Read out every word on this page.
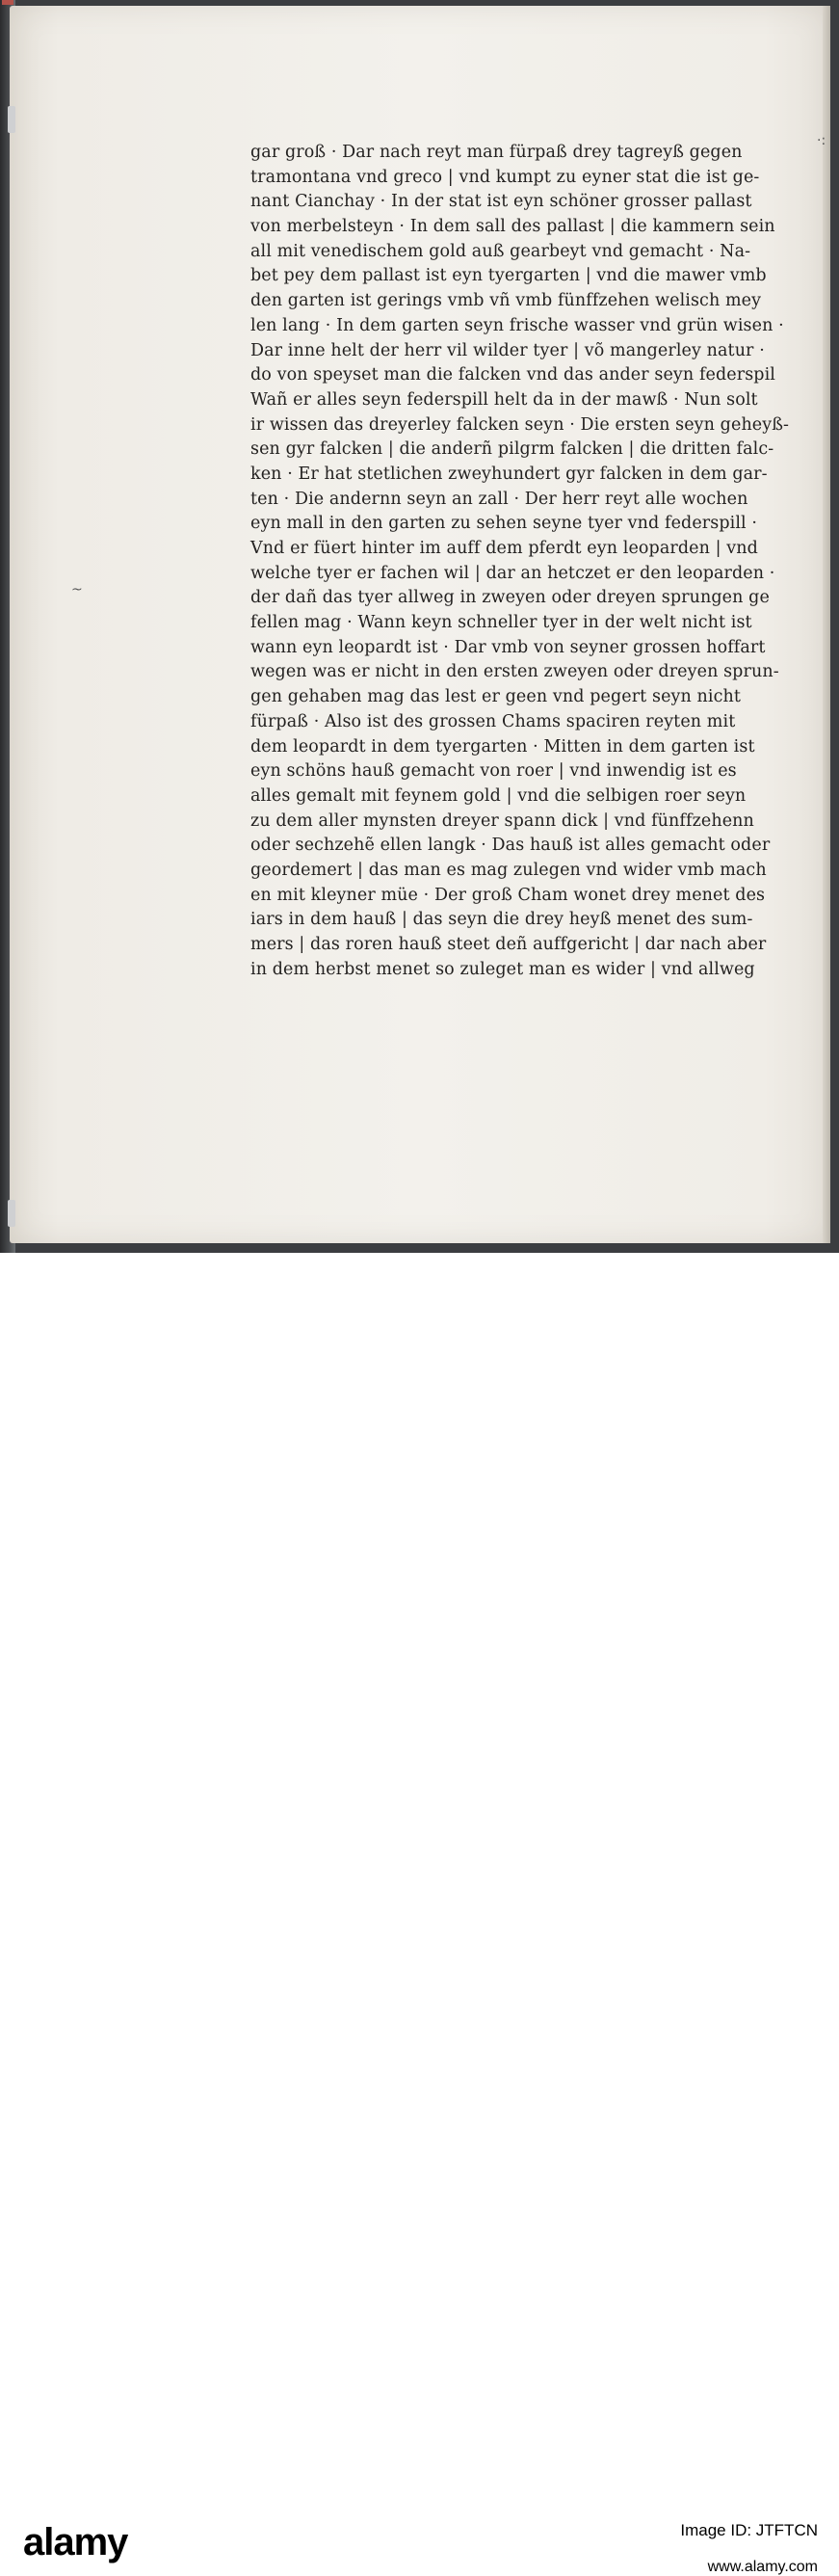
gar groß · Dar nach reyt man fürpaß drey tagreyß gegen
tramontana vnd greco | vnd kumpt zu eyner stat die ist ge-
nant Cianchay · In der stat ist eyn schöner grosser pallast
von merbelsteyn · In dem sall des pallast | die kammern sein
all mit venedischem gold auß gearbeyt vnd gemacht · Na-
bet pey dem pallast ist eyn tyergarten | vnd die mawer vmb
den garten ist gerings vmb vñ vmb fünffzehen welisch mey
len lang · In dem garten seyn frische wasser vnd grün wisen ·
Dar inne helt der herr vil wilder tyer | võ mangerley natur ·
do von speyset man die falcken vnd das ander seyn federspil
Wañ er alles seyn federspill helt da in der mawß · Nun solt
ir wissen das dreyerley falcken seyn · Die ersten seyn geheyß-
sen gyr falcken | die anderñ pilgrm falcken | die dritten falc-
ken · Er hat stetlichen zweyhundert gyr falcken in dem gar-
ten · Die andernn seyn an zall · Der herr reyt alle wochen
eyn mall in den garten zu sehen seyne tyer vnd federspill ·
Vnd er füert hinter im auff dem pferdt eyn leoparden | vnd
welche tyer er fachen wil | dar an hetczet er den leoparden ·
der dañ das tyer allweg in zweyen oder dreyen sprungen ge
fellen mag · Wann keyn schneller tyer in der welt nicht ist
wann eyn leopardt ist · Dar vmb von seyner grossen hoffart
wegen was er nicht in den ersten zweyen oder dreyen sprun-
gen gehaben mag das lest er geen vnd pegert seyn nicht
fürpaß · Also ist des grossen Chams spaciren reyten mit
dem leopardt in dem tyergarten · Mitten in dem garten ist
eyn schöns hauß gemacht von roer | vnd inwendig ist es
alles gemalt mit feynem gold | vnd die selbigen roer seyn
zu dem aller mynsten dreyer spann dick | vnd fünffzehenn
oder sechzehẽ ellen langk · Das hauß ist alles gemacht oder
geordemert | das man es mag zulegen vnd wider vmb mach
en mit kleyner müe · Der groß Cham wonet drey menet des
iars in dem hauß | das seyn die drey heyß menet des sum-
mers | das roren hauß steet deñ auffgericht | dar nach aber
in dem herbst menet so zuleget man es wider | vnd allweg
·:
~
alamy	Image ID: JTFTCN
www.alamy.com
